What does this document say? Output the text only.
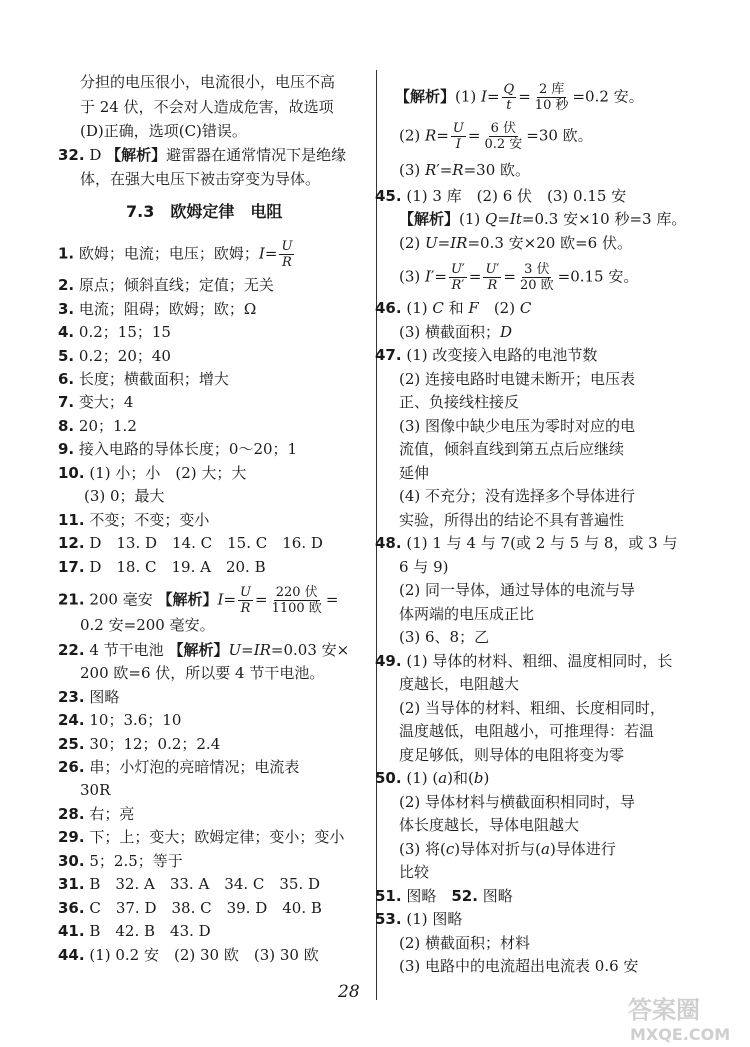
分担的电压很小，电流很小，电压不高
于 24 伏，不会对人造成危害，故选项
(D)正确，选项(C)错误。
32. D 【解析】避雷器在通常情况下是绝缘
体，在强大电压下被击穿变为导体。
7.3　欧姆定律　电阻
1. 欧姆；电流；电压；欧姆；$I= \frac{U}{R}$
2. 原点；倾斜直线；定值；无关
3. 电流；阻碍；欧姆；欧；Ω
4. 0.2；15；15
5. 0.2；20；40
6. 长度；横截面积；增大
7. 变大；4
8. 20；1.2
9. 接入电路的导体长度；0～20；1
10. (1) 小；小　(2) 大；大
(3) 0；最大
11. 不变；不变；变小
12. D　13. D　14. C　15. C　16. D
17. D　18. C　19. A　20. B
21. 200 毫安 【解析】$I= \frac{U}{R} = \frac{\text{220 伏}}{\text{1100 欧}}$ =
0.2 安=200 毫安。
22. 4 节干电池 【解析】U=IR=0.03 安×
200 欧=6 伏，所以要 4 节干电池。
23. 图略
24. 10；3.6；10
25. 30；12；0.2；2.4
26. 串；小灯泡的亮暗情况；电流表
30R
28. 右；亮
29. 下；上；变大；欧姆定律；变小；变小
30. 5；2.5；等于
31. B　32. A　33. A　34. C　35. D
36. C　37. D　38. C　39. D　40. B
41. B　42. B　43. D
44. (1) 0.2 安　(2) 30 欧　(3) 30 欧
【解析】(1) $I= \frac{Q}{t} = \frac{\text{2 库}}{\text{10 秒}} =0.2$ 安。
(2) $R= \frac{U}{I} = \frac{\text{6 伏}}{\text{0.2 安}} =30$ 欧。
(3) R′=R=30 欧。
45. (1) 3 库　(2) 6 伏　(3) 0.15 安
【解析】(1) Q=It=0.3 安×10 秒=3 库。
(2) U=IR=0.3 安×20 欧=6 伏。
(3) $I'= \frac{U'}{R'} = \frac{U'}{R} = \frac{\text{3 伏}}{\text{20 欧}} =0.15$ 安。
46. (1) C 和 F　(2) C
(3) 横截面积；D
47. (1) 改变接入电路的电池节数
(2) 连接电路时电键未断开；电压表
正、负接线柱接反
(3) 图像中缺少电压为零时对应的电
流值，倾斜直线到第五点后应继续
延伸
(4) 不充分；没有选择多个导体进行
实验，所得出的结论不具有普遍性
48. (1) 1 与 4 与 7(或 2 与 5 与 8，或 3 与
6 与 9)
(2) 同一导体，通过导体的电流与导
体两端的电压成正比
(3) 6、8；乙
49. (1) 导体的材料、粗细、温度相同时，长
度越长，电阻越大
(2) 当导体的材料、粗细、长度相同时，
温度越低，电阻越小，可推理得：若温
度足够低，则导体的电阻将变为零
50. (1) (a)和(b)
(2) 导体材料与横截面积相同时，导
体长度越长，导体电阻越大
(3) 将(c)导体对折与(a)导体进行
比较
51. 图略　52. 图略
53. (1) 图略
(2) 横截面积；材料
(3) 电路中的电流超出电流表 0.6 安
28
答案圈
MXQE.COM
